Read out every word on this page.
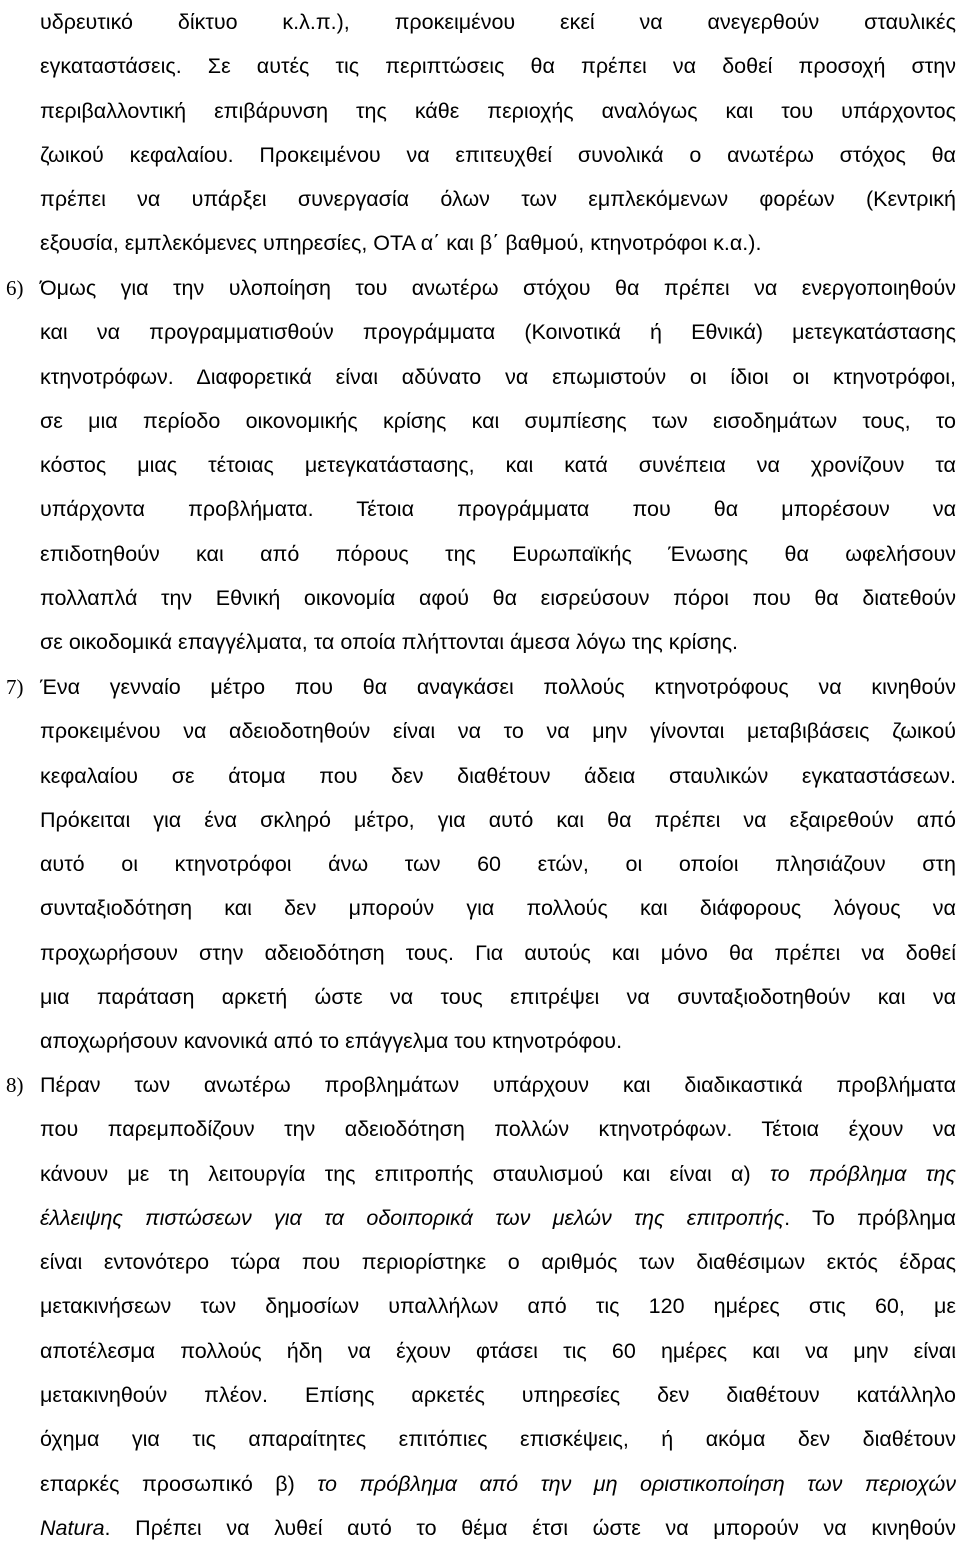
υδρευτικό δίκτυο κ.λ.π.), προκειμένου εκεί να ανεγερθούν σταυλικές
εγκαταστάσεις. Σε αυτές τις περιπτώσεις θα πρέπει να δοθεί προσοχή στην
περιβαλλοντική επιβάρυνση της κάθε περιοχής αναλόγως και του υπάρχοντος
ζωικού κεφαλαίου. Προκειμένου να επιτευχθεί συνολικά ο ανωτέρω στόχος θα
πρέπει να υπάρξει συνεργασία όλων των εμπλεκόμενων φορέων (Κεντρική
εξουσία, εμπλεκόμενες υπηρεσίες, ΟΤΑ α΄ και β΄ βαθμού, κτηνοτρόφοι κ.α.).
6) Όμως για την υλοποίηση του ανωτέρω στόχου θα πρέπει να ενεργοποιηθούν
και να προγραμματισθούν προγράμματα (Κοινοτικά ή Εθνικά) μετεγκατάστασης
κτηνοτρόφων. Διαφορετικά είναι αδύνατο να επωμιστούν οι ίδιοι οι κτηνοτρόφοι,
σε μια περίοδο οικονομικής κρίσης και συμπίεσης των εισοδημάτων τους, το
κόστος μιας τέτοιας μετεγκατάστασης, και κατά συνέπεια να χρονίζουν τα
υπάρχοντα προβλήματα. Τέτοια προγράμματα που θα μπορέσουν να
επιδοτηθούν και από πόρους της Ευρωπαϊκής Ένωσης θα ωφελήσουν
πολλαπλά την Εθνική οικονομία αφού θα εισρεύσουν πόροι που θα διατεθούν
σε οικοδομικά επαγγέλματα, τα οποία πλήττονται άμεσα λόγω της κρίσης.
7) Ένα γενναίο μέτρο που θα αναγκάσει πολλούς κτηνοτρόφους να κινηθούν
προκειμένου να αδειοδοτηθούν είναι να το να μην γίνονται μεταβιβάσεις ζωικού
κεφαλαίου σε άτομα που δεν διαθέτουν άδεια σταυλικών εγκαταστάσεων.
Πρόκειται για ένα σκληρό μέτρο, για αυτό και θα πρέπει να εξαιρεθούν από
αυτό οι κτηνοτρόφοι άνω των 60 ετών, οι οποίοι πλησιάζουν στη
συνταξιοδότηση και δεν μπορούν για πολλούς και διάφορους λόγους να
προχωρήσουν στην αδειοδότηση τους. Για αυτούς και μόνο θα πρέπει να δοθεί
μια παράταση αρκετή ώστε να τους επιτρέψει να συνταξιοδοτηθούν και να
αποχωρήσουν κανονικά από το επάγγελμα του κτηνοτρόφου.
8) Πέραν των ανωτέρω προβλημάτων υπάρχουν και διαδικαστικά προβλήματα
που παρεμποδίζουν την αδειοδότηση πολλών κτηνοτρόφων. Τέτοια έχουν να
κάνουν με τη λειτουργία της επιτροπής σταυλισμού και είναι α) το πρόβλημα της
έλλειψης πιστώσεων για τα οδοιπορικά των μελών της επιτροπής. Το πρόβλημα
είναι εντονότερο τώρα που περιορίστηκε ο αριθμός των διαθέσιμων εκτός έδρας
μετακινήσεων των δημοσίων υπαλλήλων από τις 120 ημέρες στις 60, με
αποτέλεσμα πολλούς ήδη να έχουν φτάσει τις 60 ημέρες και να μην είναι
μετακινηθούν πλέον. Επίσης αρκετές υπηρεσίες δεν διαθέτουν κατάλληλο
όχημα για τις απαραίτητες επιτόπιες επισκέψεις, ή ακόμα δεν διαθέτουν
επαρκές προσωπικό β) το πρόβλημα από την μη οριστικοποίηση των περιοχών
Natura. Πρέπει να λυθεί αυτό το θέμα έτσι ώστε να μπορούν να κινηθούν
